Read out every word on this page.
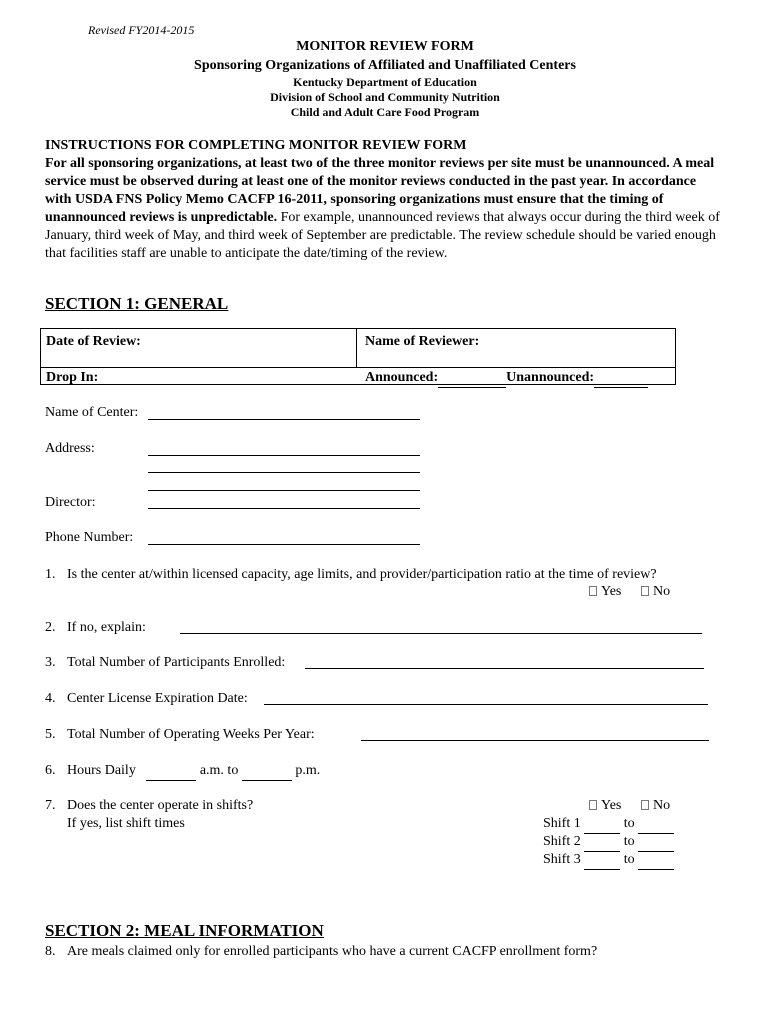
Revised FY2014-2015
MONITOR REVIEW FORM
Sponsoring Organizations of Affiliated and Unaffiliated Centers
Kentucky Department of Education
Division of School and Community Nutrition
Child and Adult Care Food Program
INSTRUCTIONS FOR COMPLETING MONITOR REVIEW FORM
For all sponsoring organizations, at least two of the three monitor reviews per site must be unannounced. A meal service must be observed during at least one of the monitor reviews conducted in the past year. In accordance with USDA FNS Policy Memo CACFP 16-2011, sponsoring organizations must ensure that the timing of unannounced reviews is unpredictable. For example, unannounced reviews that always occur during the third week of January, third week of May, and third week of September are predictable. The review schedule should be varied enough that facilities staff are unable to anticipate the date/timing of the review.
SECTION 1: GENERAL
Date of Review:	Name of Reviewer:
Drop In:	Announced:	Unannounced:
Name of Center:
Address:
Director:
Phone Number:
1. Is the center at/within licensed capacity, age limits, and provider/participation ratio at the time of review?
Yes	No
2. If no, explain:
3. Total Number of Participants Enrolled:
4. Center License Expiration Date:
5. Total Number of Operating Weeks Per Year:
6. Hours Daily	a.m. to	p.m.
7. Does the center operate in shifts?
If yes, list shift times
Yes	No
Shift 1	to
Shift 2	to
Shift 3	to
SECTION 2: MEAL INFORMATION
8. Are meals claimed only for enrolled participants who have a current CACFP enrollment form?
